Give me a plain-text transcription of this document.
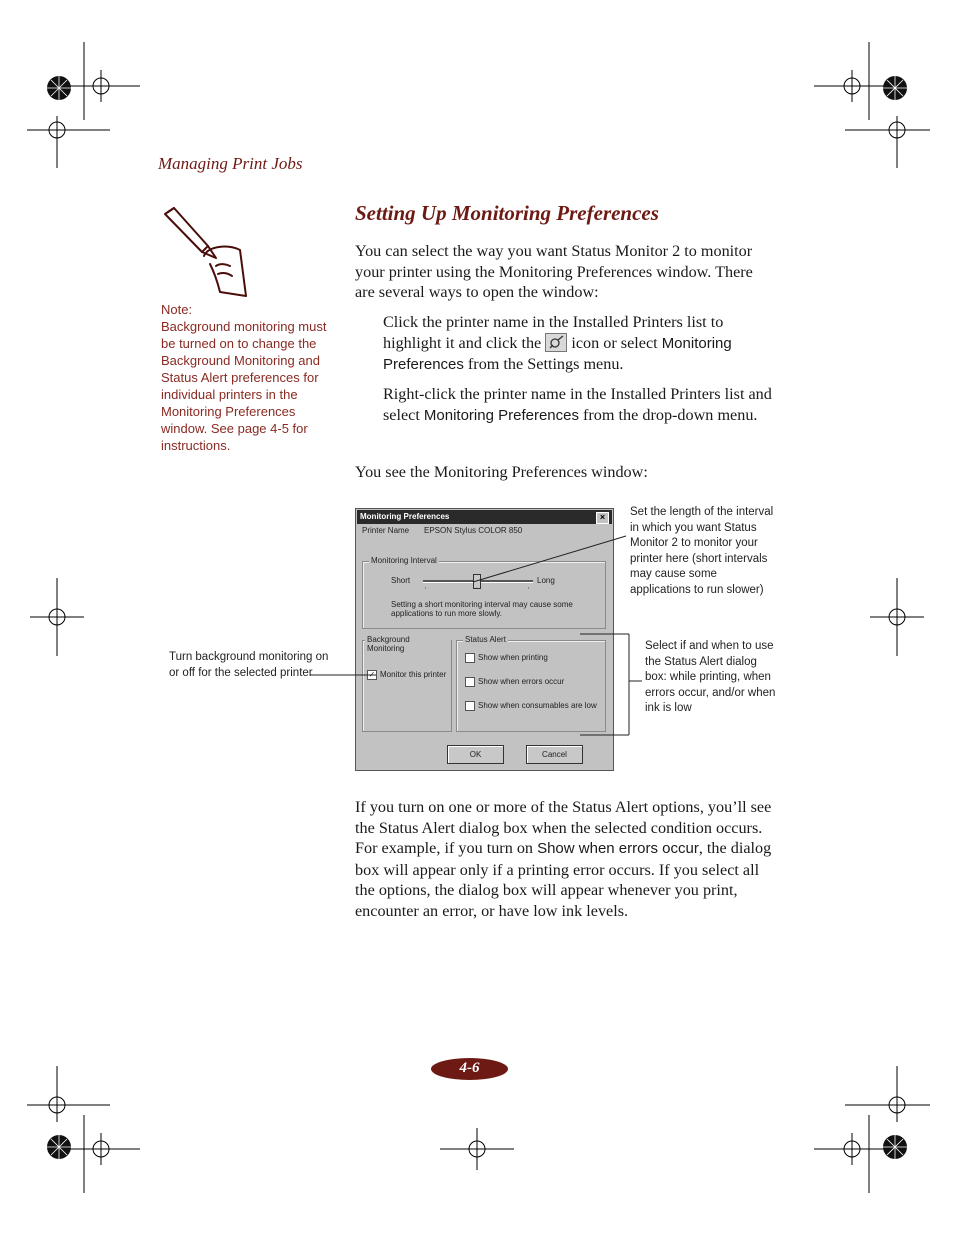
Managing Print Jobs
Note:
Background monitoring must be turned on to change the Background Monitoring and Status Alert preferences for individual printers in the Monitoring Preferences window. See page 4-5 for instructions.
Setting Up Monitoring Preferences
You can select the way you want Status Monitor 2 to monitor your printer using the Monitoring Preferences window. There are several ways to open the window:
Click the printer name in the Installed Printers list to highlight it and click the icon or select Monitoring Preferences from the Settings menu.
Right-click the printer name in the Installed Printers list and select Monitoring Preferences from the drop-down menu.
You see the Monitoring Preferences window:
Monitoring Preferences	×
Printer Name EPSON Stylus COLOR 850
Monitoring Interval
Short	Long
'	'	'
Setting a short monitoring interval may cause some applications to run more slowly.
Background Monitoring
✓ Monitor this printer
Status Alert
Show when printing
Show when errors occur
Show when consumables are low
OK	Cancel
Set the length of the interval in which you want Status Monitor 2 to monitor your printer here (short intervals may cause some applications to run slower)
Select if and when to use the Status Alert dialog box: while printing, when errors occur, and/or when ink is low
Turn background monitoring on or off for the selected printer
If you turn on one or more of the Status Alert options, you’ll see the Status Alert dialog box when the selected condition occurs. For example, if you turn on Show when errors occur, the dialog box will appear only if a printing error occurs. If you select all the options, the dialog box will appear whenever you print, encounter an error, or have low ink levels.
4-6
